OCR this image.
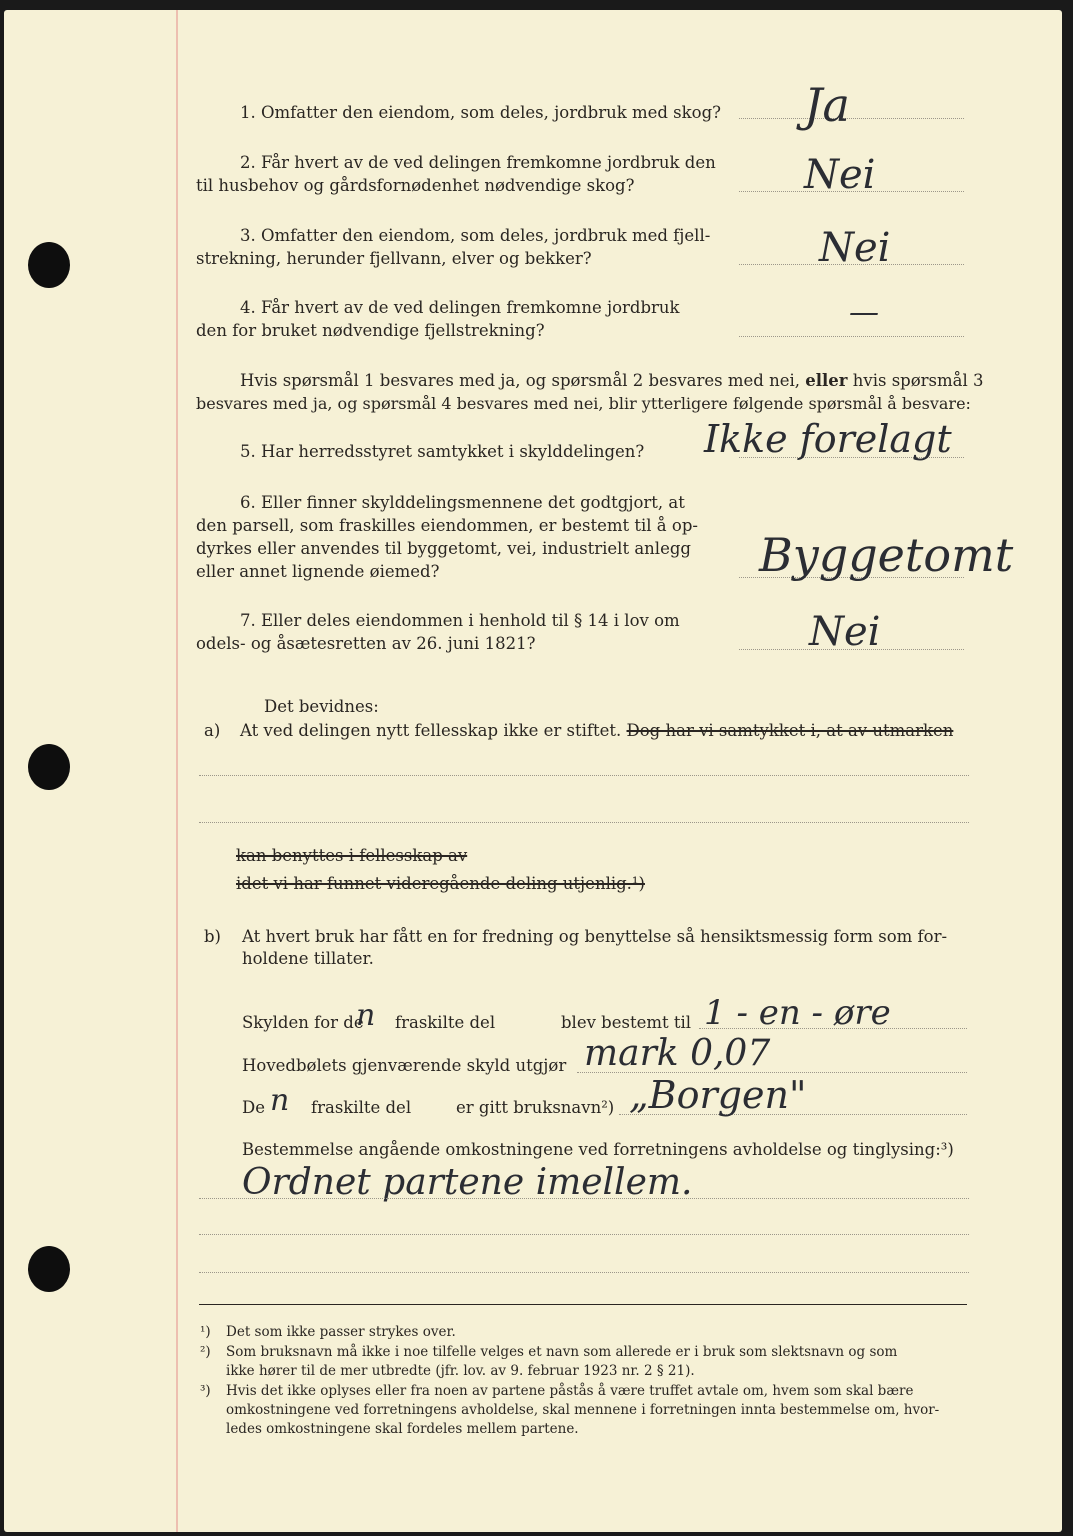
1. Omfatter den eiendom, som deles, jordbruk med skog? Ja
2. Får hvert av de ved delingen fremkomne jordbruk den
til husbehov og gårdsfornødenhet nødvendige skog?	Nei
3. Omfatter den eiendom, som deles, jordbruk med fjell-
strekning, herunder fjellvann, elver og bekker?	Nei
4. Får hvert av de ved delingen fremkomne jordbruk
den for bruket nødvendige fjellstrekning?
—
Hvis spørsmål 1 besvares med ja, og spørsmål 2 besvares med nei, eller hvis spørsmål 3
besvares med ja, og spørsmål 4 besvares med nei, blir ytterligere følgende spørsmål å besvare:
5. Har herredsstyret samtykket i skylddelingen? Ikke forelagt
6. Eller finner skylddelingsmennene det godtgjort, at
den parsell, som fraskilles eiendommen, er bestemt til å op-
dyrkes eller anvendes til byggetomt, vei, industrielt anlegg
eller annet lignende øiemed?	Byggetomt
7. Eller deles eiendommen i henhold til § 14 i lov om
odels- og åsætesretten av 26. juni 1821?	Nei
Det bevidnes:
a) At ved delingen nytt fellesskap ikke er stiftet. Dog har vi samtykket i, at av utmarken
kan benyttes i fellesskap av
idet vi har funnet videregående deling utjenlig.¹)
b) At hvert bruk har fått en for fredning og benyttelse så hensiktsmessig form som for-
holdene tillater.
Skylden for de
n fraskilte del	blev bestemt til 1 - en - øre
Hovedbølets gjenværende skyld utgjør mark 0,07
De n fraskilte del	er gitt bruksnavn²) „Borgen"
Bestemmelse angående omkostningene ved forretningens avholdelse og tinglysing:³)
Ordnet partene imellem.
¹) Det som ikke passer strykes over.
²) Som bruksnavn må ikke i noe tilfelle velges et navn som allerede er i bruk som slektsnavn og som
ikke hører til de mer utbredte (jfr. lov. av 9. februar 1923 nr. 2 § 21).
³) Hvis det ikke oplyses eller fra noen av partene påstås å være truffet avtale om, hvem som skal bære
omkostningene ved forretningens avholdelse, skal mennene i forretningen innta bestemmelse om, hvor-
ledes omkostningene skal fordeles mellem partene.
